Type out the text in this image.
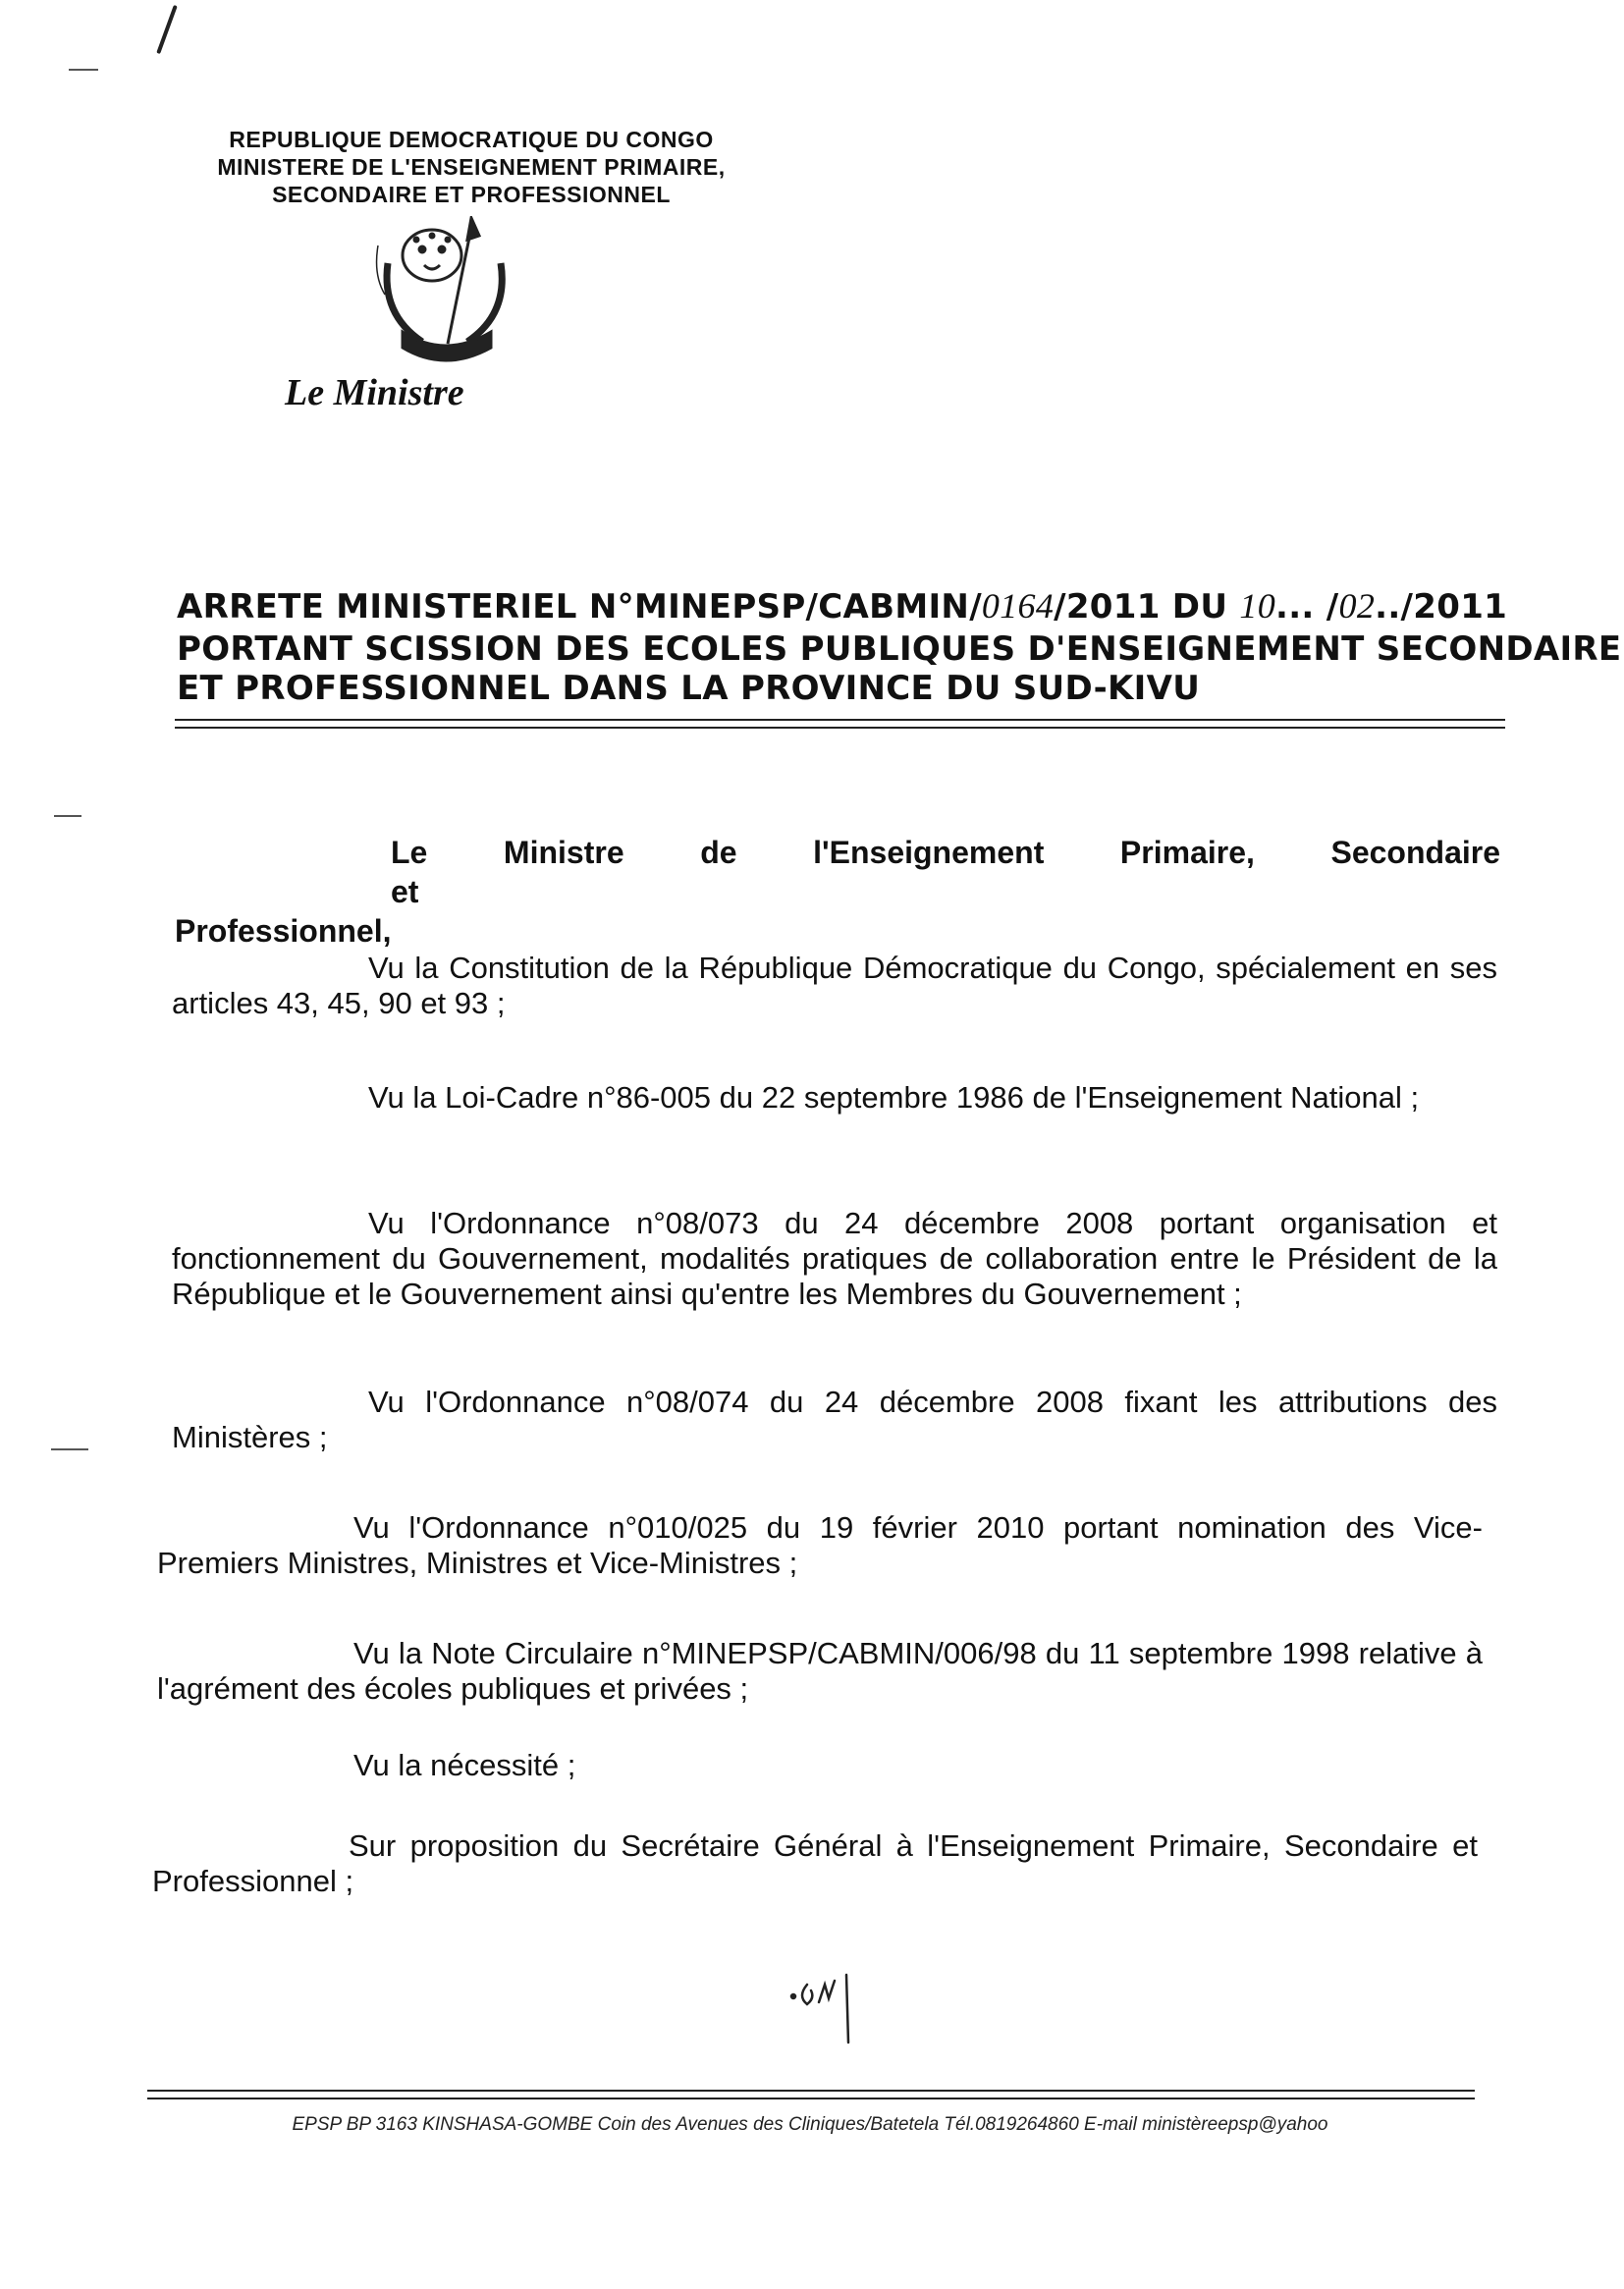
REPUBLIQUE DEMOCRATIQUE DU CONGO
MINISTERE DE L'ENSEIGNEMENT PRIMAIRE,
SECONDAIRE ET PROFESSIONNEL
Le Ministre
ARRETE MINISTERIEL N°MINEPSP/CABMIN/0164/2011 DU 10... /02../2011
PORTANT SCISSION DES ECOLES PUBLIQUES D'ENSEIGNEMENT SECONDAIRE
ET PROFESSIONNEL DANS LA PROVINCE DU SUD-KIVU
Le Ministre de l'Enseignement Primaire, Secondaire et
Professionnel,
Vu la Constitution de la République Démocratique du Congo, spécialement en ses articles 43, 45, 90 et 93 ;
Vu la Loi-Cadre n°86-005 du 22 septembre 1986 de l'Enseignement National ;
Vu l'Ordonnance n°08/073 du 24 décembre 2008 portant organisation et fonctionnement du Gouvernement, modalités pratiques de collaboration entre le Président de la République et le Gouvernement ainsi qu'entre les Membres du Gouvernement ;
Vu l'Ordonnance n°08/074 du 24 décembre 2008 fixant les attributions des Ministères ;
Vu l'Ordonnance n°010/025 du 19 février 2010 portant nomination des Vice-Premiers Ministres, Ministres et Vice-Ministres ;
Vu la Note Circulaire n°MINEPSP/CABMIN/006/98 du 11 septembre 1998 relative à l'agrément des écoles publiques et privées ;
Vu la nécessité ;
Sur proposition du Secrétaire Général à l'Enseignement Primaire, Secondaire et Professionnel ;
EPSP BP 3163 KINSHASA-GOMBE Coin des Avenues des Cliniques/Batetela Tél.0819264860 E-mail ministèreepsp@yahoo
